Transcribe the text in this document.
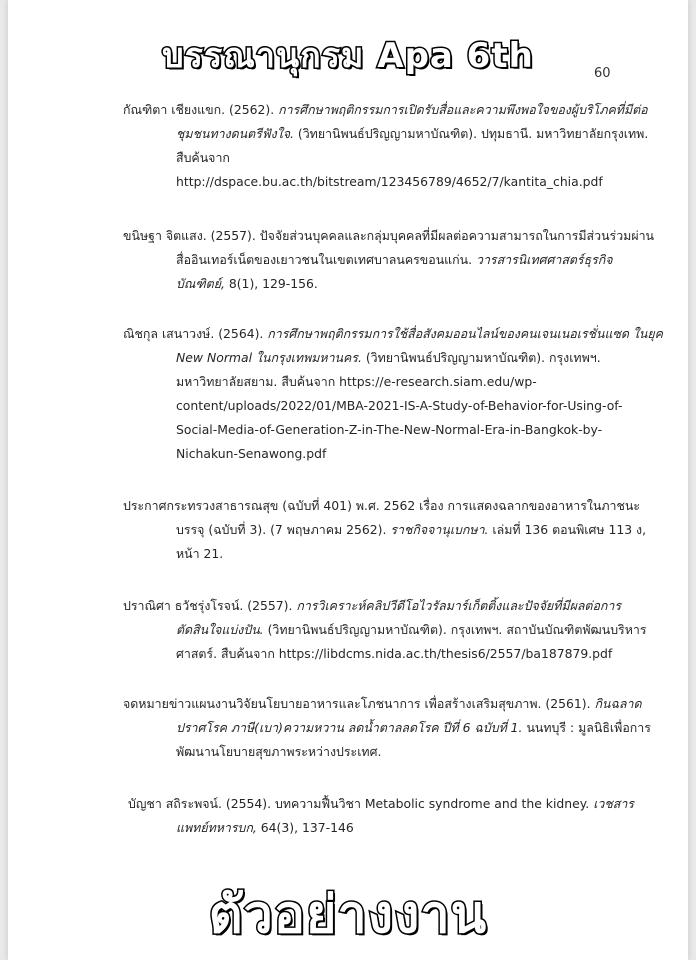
บรรณานุกรม Apa 6th	60
กัณฑิตา เชียงแขก. (2562). การศึกษาพฤติกรรมการเปิดรับสื่อและความพึงพอใจของผู้บริโภคที่มีต่อ
ชุมชนทางดนตรีฟังใจ. (วิทยานิพนธ์ปริญญามหาบัณฑิต). ปทุมธานี. มหาวิทยาลัยกรุงเทพ.
สืบค้นจาก
http://dspace.bu.ac.th/bitstream/123456789/4652/7/kantita_chia.pdf
ขนิษฐา จิตแสง. (2557). ปัจจัยส่วนบุคคลและกลุ่มบุคคลที่มีผลต่อความสามารถในการมีส่วนร่วมผ่าน
สื่ออินเทอร์เน็ตของเยาวชนในเขตเทศบาลนครขอนแก่น. วารสารนิเทศศาสตร์ธุรกิจ
บัณฑิตย์, 8(1), 129-156.
ณิชกุล เสนาวงษ์. (2564). การศึกษาพฤติกรรมการใช้สื่อสังคมออนไลน์ของคนเจนเนอเรชั่นแซด ในยุค
New Normal ในกรุงเทพมหานคร. (วิทยานิพนธ์ปริญญามหาบัณฑิต). กรุงเทพฯ.
มหาวิทยาลัยสยาม. สืบค้นจาก https://e-research.siam.edu/wp-
content/uploads/2022/01/MBA-2021-IS-A-Study-of-Behavior-for-Using-of-
Social-Media-of-Generation-Z-in-The-New-Normal-Era-in-Bangkok-by-
Nichakun-Senawong.pdf
ประกาศกระทรวงสาธารณสุข (ฉบับที่ 401) พ.ศ. 2562 เรื่อง การแสดงฉลากของอาหารในภาชนะ
บรรจุ (ฉบับที่ 3). (7 พฤษภาคม 2562). ราชกิจจานุเบกษา. เล่มที่ 136 ตอนพิเศษ 113 ง,
หน้า 21.
ปราณิศา ธวัชรุ่งโรจน์. (2557). การวิเคราะห์คลิปวีดีโอไวรัลมาร์เก็ตติ้งและปัจจัยที่มีผลต่อการ
ตัดสินใจแบ่งปัน. (วิทยานิพนธ์ปริญญามหาบัณฑิต). กรุงเทพฯ. สถาบันบัณฑิตพัฒนบริหาร
ศาสตร์. สืบค้นจาก https://libdcms.nida.ac.th/thesis6/2557/ba187879.pdf
จดหมายข่าวแผนงานวิจัยนโยบายอาหารและโภชนาการ เพื่อสร้างเสริมสุขภาพ. (2561). กินฉลาด
ปราศโรค ภาษี(เบา)ความหวาน ลดน้ำตาลลดโรค ปีที่ 6 ฉบับที่ 1. นนทบุรี : มูลนิธิเพื่อการ
พัฒนานโยบายสุขภาพระหว่างประเทศ.
บัญชา สถิระพจน์. (2554). บทความฟื้นวิชา Metabolic syndrome and the kidney. เวชสาร
แพทย์ทหารบก, 64(3), 137-146
ตัวอย่างงาน
